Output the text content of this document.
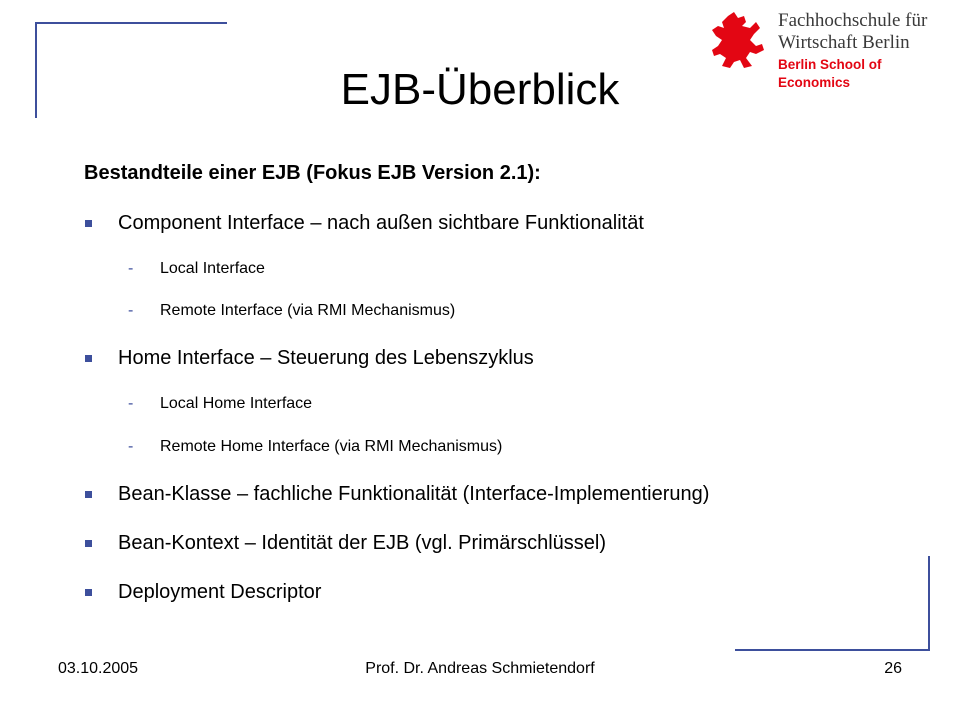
Fachhochschule für
Wirtschaft Berlin
Berlin School of Economics
EJB-Überblick
Bestandteile einer EJB (Fokus EJB Version 2.1):
Component Interface – nach außen sichtbare Funktionalität
- Local Interface
- Remote Interface (via RMI Mechanismus)
Home Interface – Steuerung des Lebenszyklus
- Local Home Interface
- Remote Home Interface (via RMI Mechanismus)
Bean-Klasse – fachliche Funktionalität (Interface-Implementierung)
Bean-Kontext – Identität der EJB (vgl. Primärschlüssel)
Deployment Descriptor
03.10.2005	Prof. Dr. Andreas Schmietendorf	26
